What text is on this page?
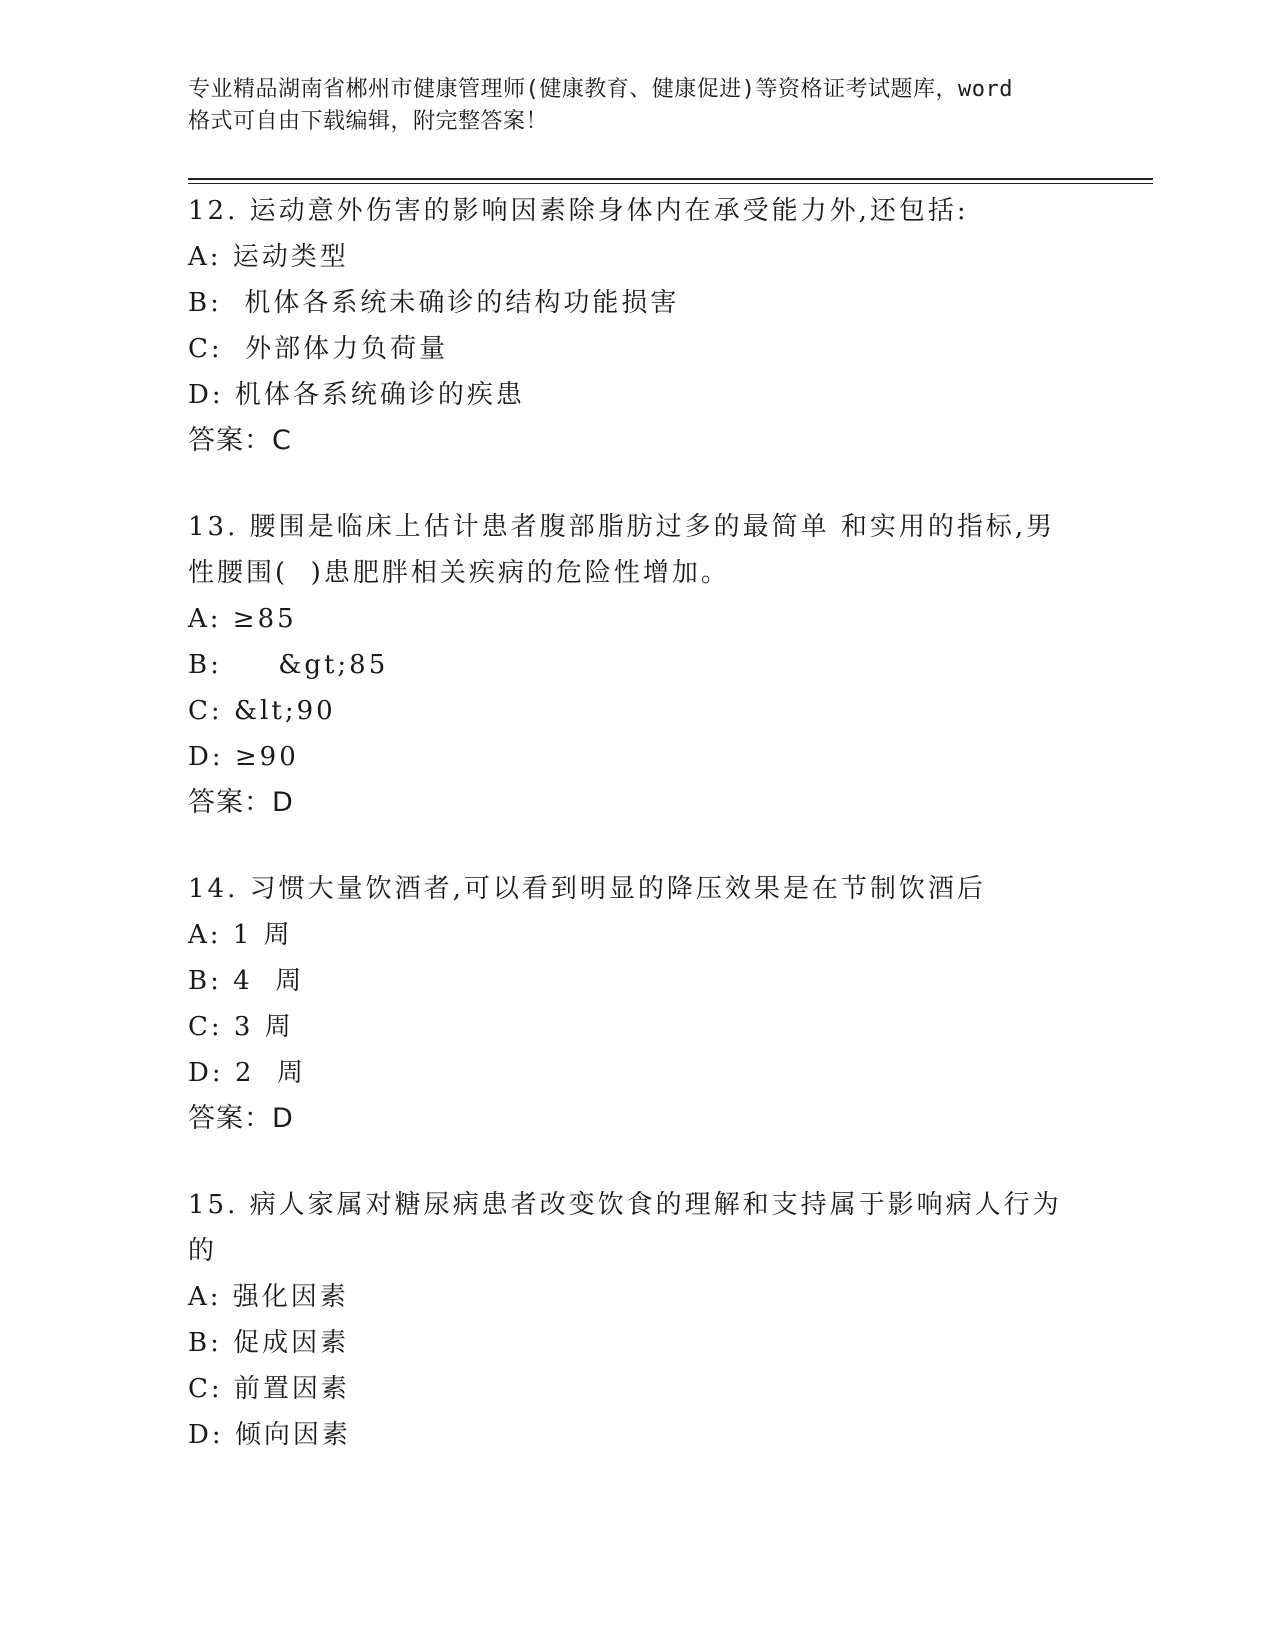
专业精品湖南省郴州市健康管理师(健康教育、健康促进)等资格证考试题库，word
格式可自由下载编辑，附完整答案！
12. 运动意外伤害的影响因素除身体内在承受能力外,还包括:
A: 运动类型
B:  机体各系统未确诊的结构功能损害
C:  外部体力负荷量
D: 机体各系统确诊的疾患
答案：C
13. 腰围是临床上估计患者腹部脂肪过多的最简单 和实用的指标,男
性腰围(  )患肥胖相关疾病的危险性增加。
A: ≥85
B:     &gt;85
C: &lt;90
D: ≥90
答案：D
14. 习惯大量饮酒者,可以看到明显的降压效果是在节制饮酒后
A: 1 周
B: 4  周
C: 3 周
D: 2  周
答案：D
15. 病人家属对糖尿病患者改变饮食的理解和支持属于影响病人行为
的
A: 强化因素
B: 促成因素
C: 前置因素
D: 倾向因素
